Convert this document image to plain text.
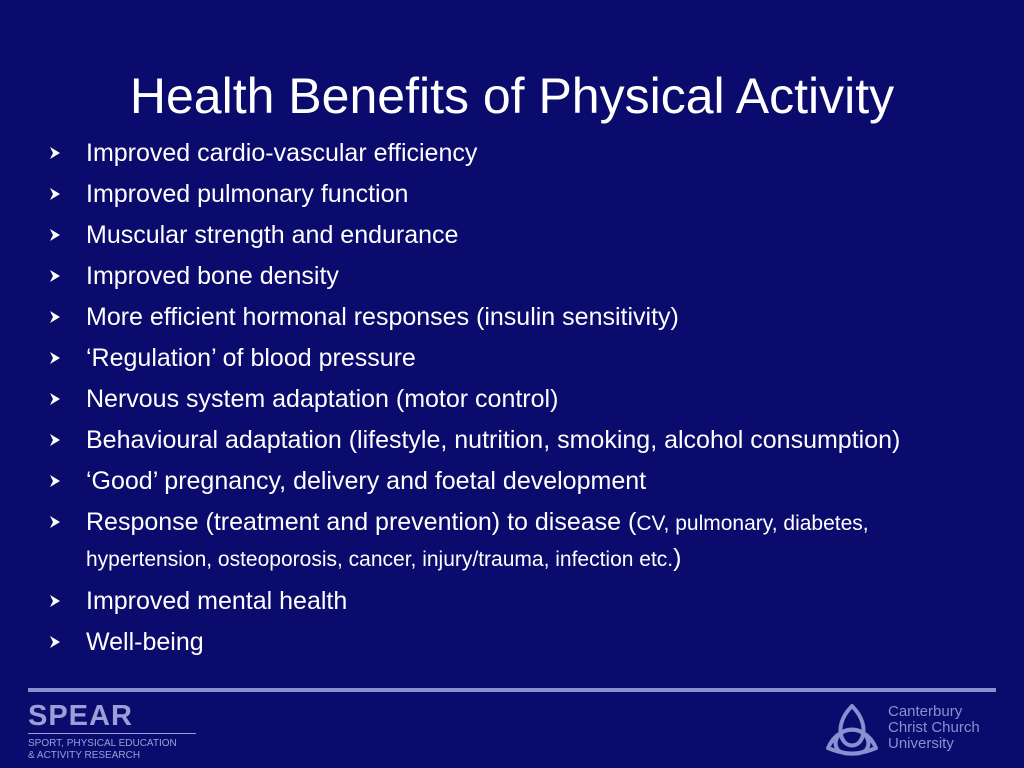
Health Benefits of Physical Activity
Improved cardio-vascular efficiency
Improved pulmonary function
Muscular strength and endurance
Improved bone density
More efficient hormonal responses (insulin sensitivity)
‘Regulation’ of blood pressure
Nervous system adaptation (motor control)
Behavioural adaptation (lifestyle, nutrition, smoking, alcohol consumption)
‘Good’ pregnancy, delivery and foetal development
Response (treatment and prevention) to disease (CV, pulmonary, diabetes, hypertension, osteoporosis, cancer, injury/trauma, infection etc.)
Improved mental health
Well-being
SPEAR
SPORT, PHYSICAL EDUCATION
& ACTIVITY RESEARCH
Canterbury
Christ Church
University
